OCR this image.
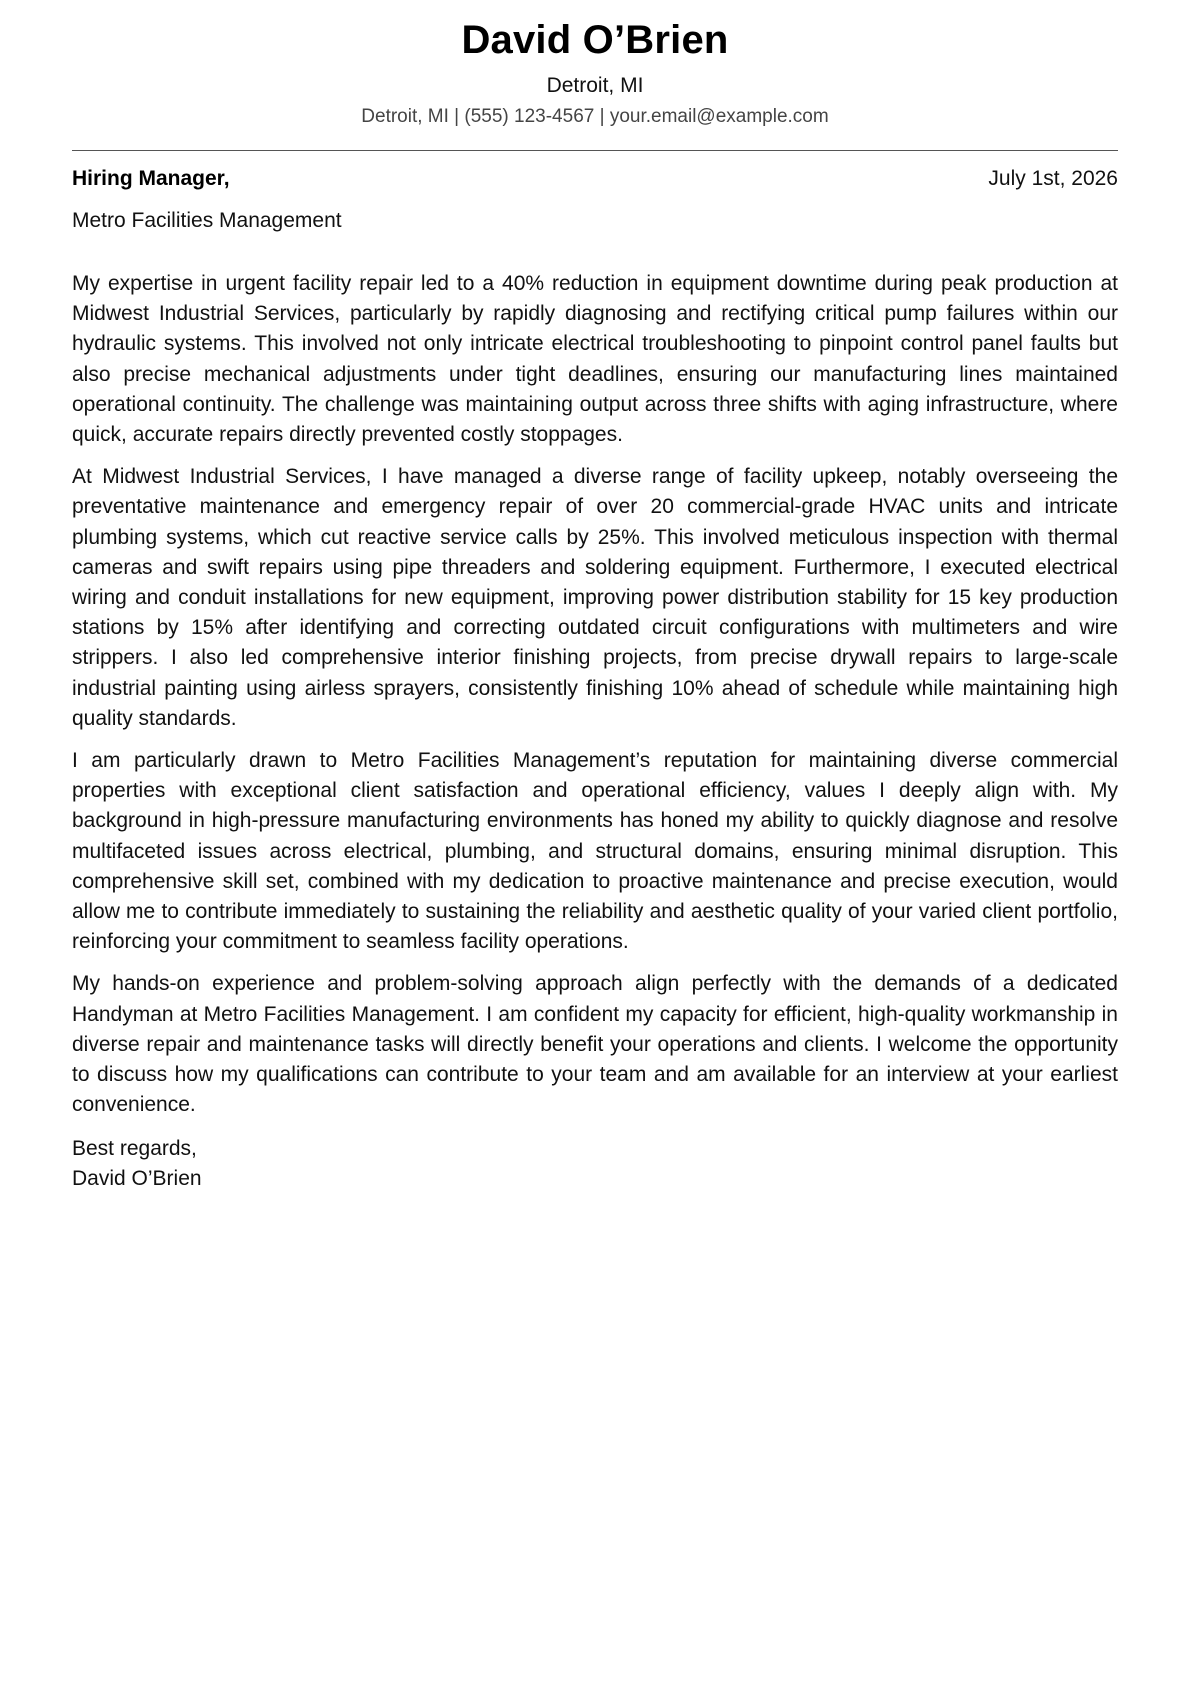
David O’Brien
Detroit, MI
Detroit, MI | (555) 123-4567 | your.email@example.com
Hiring Manager,	July 1st, 2026
Metro Facilities Management

My expertise in urgent facility repair led to a 40% reduction in equipment downtime during peak production at Midwest Industrial Services, particularly by rapidly diagnosing and rectifying critical pump failures within our hydraulic systems. This involved not only intricate electrical troubleshooting to pinpoint control panel faults but also precise mechanical adjustments under tight deadlines, ensuring our manufacturing lines maintained operational continuity. The challenge was maintaining output across three shifts with aging infrastructure, where quick, accurate repairs directly prevented costly stoppages.

At Midwest Industrial Services, I have managed a diverse range of facility upkeep, notably overseeing the preventative maintenance and emergency repair of over 20 commercial-grade HVAC units and intricate plumbing systems, which cut reactive service calls by 25%. This involved meticulous inspection with thermal cameras and swift repairs using pipe threaders and soldering equipment. Furthermore, I executed electrical wiring and conduit installations for new equipment, improving power distribution stability for 15 key production stations by 15% after identifying and correcting outdated circuit configurations with multimeters and wire strippers. I also led comprehensive interior finishing projects, from precise drywall repairs to large-scale industrial painting using airless sprayers, consistently finishing 10% ahead of schedule while maintaining high quality standards.

I am particularly drawn to Metro Facilities Management’s reputation for maintaining diverse commercial properties with exceptional client satisfaction and operational efficiency, values I deeply align with. My background in high-pressure manufacturing environments has honed my ability to quickly diagnose and resolve multifaceted issues across electrical, plumbing, and structural domains, ensuring minimal disruption. This comprehensive skill set, combined with my dedication to proactive maintenance and precise execution, would allow me to contribute immediately to sustaining the reliability and aesthetic quality of your varied client portfolio, reinforcing your commitment to seamless facility operations.

My hands-on experience and problem-solving approach align perfectly with the demands of a dedicated Handyman at Metro Facilities Management. I am confident my capacity for efficient, high-quality workmanship in diverse repair and maintenance tasks will directly benefit your operations and clients. I welcome the opportunity to discuss how my qualifications can contribute to your team and am available for an interview at your earliest convenience.

Best regards,
David O’Brien
